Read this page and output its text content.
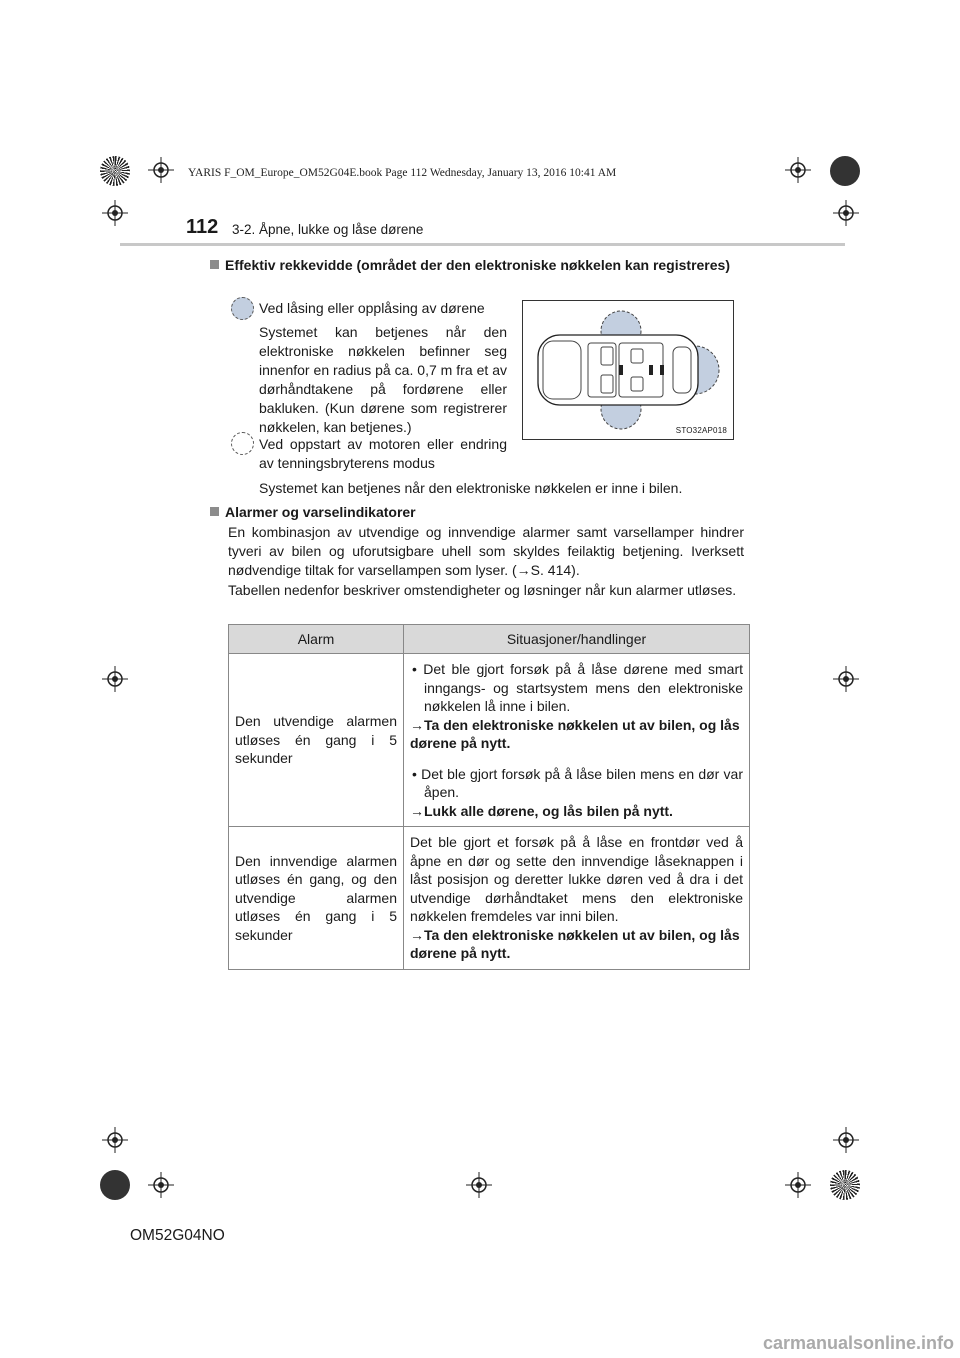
YARIS F_OM_Europe_OM52G04E.book Page 112 Wednesday, January 13, 2016 10:41 AM
112 3-2. Åpne, lukke og låse dørene
Effektiv rekkevidde (området der den elektroniske nøkkelen kan registreres)
Ved låsing eller opplåsing av dørene
Systemet kan betjenes når den elektroniske nøkkelen befinner seg innenfor en radius på ca. 0,7 m fra et av dørhåndtakene på fordørene eller bakluken. (Kun dørene som registrerer nøkkelen, kan betjenes.)
Ved oppstart av motoren eller endring av tenningsbryterens modus
Systemet kan betjenes når den elektroniske nøkkelen er inne i bilen.
STO32AP018
Alarmer og varselindikatorer
En kombinasjon av utvendige og innvendige alarmer samt varsellamper hindrer tyveri av bilen og uforutsigbare uhell som skyldes feilaktig betjening. Iverksett nødvendige tiltak for varsellampen som lyser. (→S. 414).
Tabellen nedenfor beskriver omstendigheter og løsninger når kun alarmer utløses.
Alarm	Situasjoner/handlinger
Den utvendige alarmen utløses én gang i 5 sekunder	• Det ble gjort forsøk på å låse dørene med smart inngangs- og startsystem mens den elektroniske nøkkelen lå inne i bilen.
→Ta den elektroniske nøkkelen ut av bilen, og lås dørene på nytt.
• Det ble gjort forsøk på å låse bilen mens en dør var åpen.
→Lukk alle dørene, og lås bilen på nytt.

Den innvendige alarmen utløses én gang, og den utvendige alarmen utløses én gang i 5 sekunder	Det ble gjort et forsøk på å låse en frontdør ved å åpne en dør og sette den innvendige låseknappen i låst posisjon og deretter lukke døren ved å dra i det utvendige dørhåndtaket mens den elektroniske nøkkelen fremdeles var inni bilen.
→Ta den elektroniske nøkkelen ut av bilen, og lås dørene på nytt.
OM52G04NO
carmanualsonline.info
